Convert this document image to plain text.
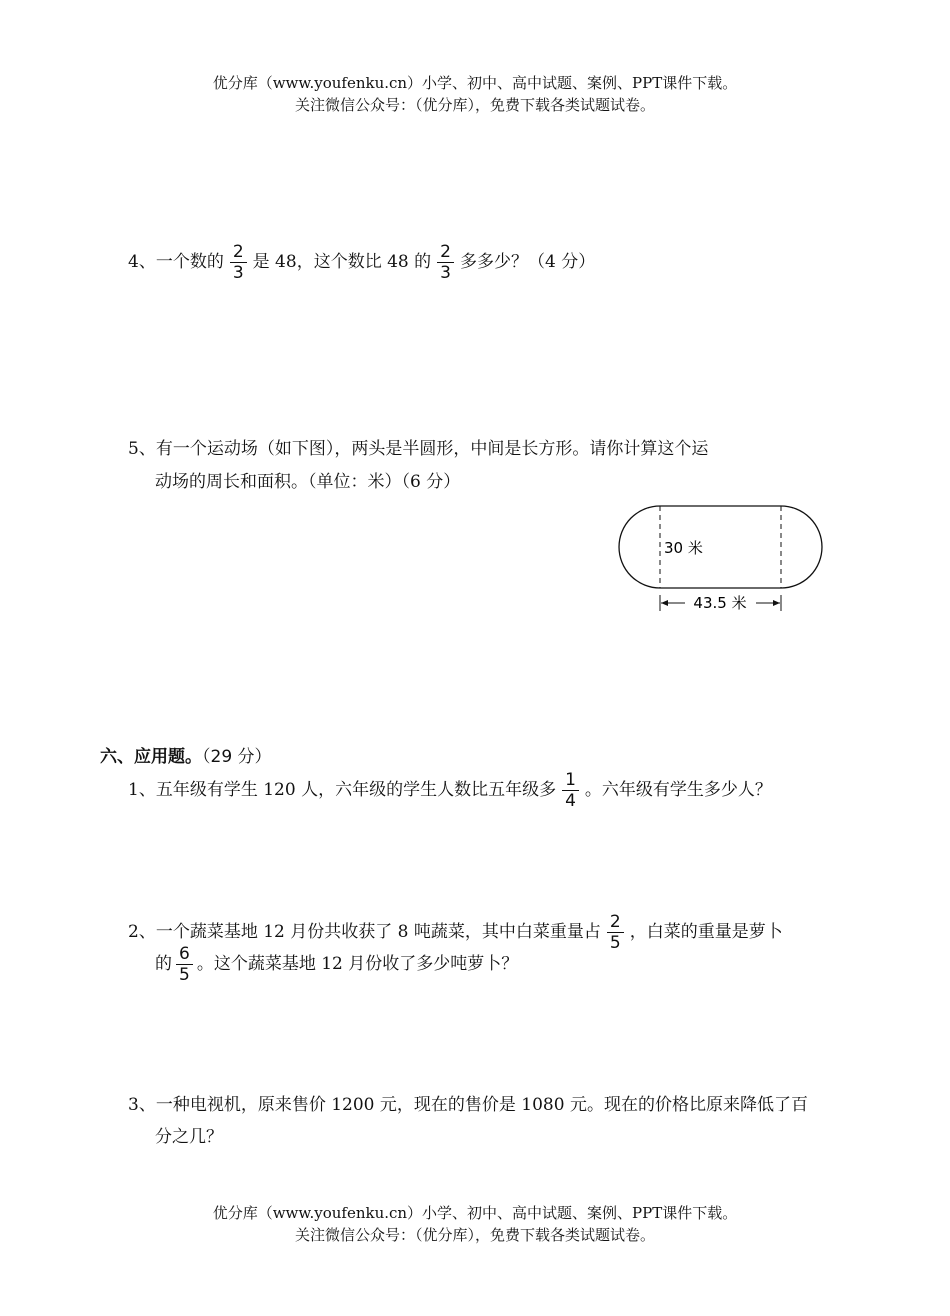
优分库（www.youfenku.cn）小学、初中、高中试题、案例、PPT课件下载。
关注微信公众号：（优分库），免费下载各类试题试卷。
4、一个数的 $\frac{2}{3}$ 是 48，这个数比 48 的 $\frac{2}{3}$ 多多少？（4 分）
5、有一个运动场（如下图），两头是半圆形，中间是长方形。请你计算这个运
动场的周长和面积。（单位：米）（6 分）
30 米
43.5 米
六、应用题。（29 分）
1、五年级有学生 120 人，六年级的学生人数比五年级多 $\frac{1}{4}$ 。六年级有学生多少人？
2、一个蔬菜基地 12 月份共收获了 8 吨蔬菜，其中白菜重量占 $\frac{2}{5}$ ，白菜的重量是萝卜
的 $\frac{6}{5}$ 。这个蔬菜基地 12 月份收了多少吨萝卜？
3、一种电视机，原来售价 1200 元，现在的售价是 1080 元。现在的价格比原来降低了百
分之几？
优分库（www.youfenku.cn）小学、初中、高中试题、案例、PPT课件下载。
关注微信公众号：（优分库），免费下载各类试题试卷。
